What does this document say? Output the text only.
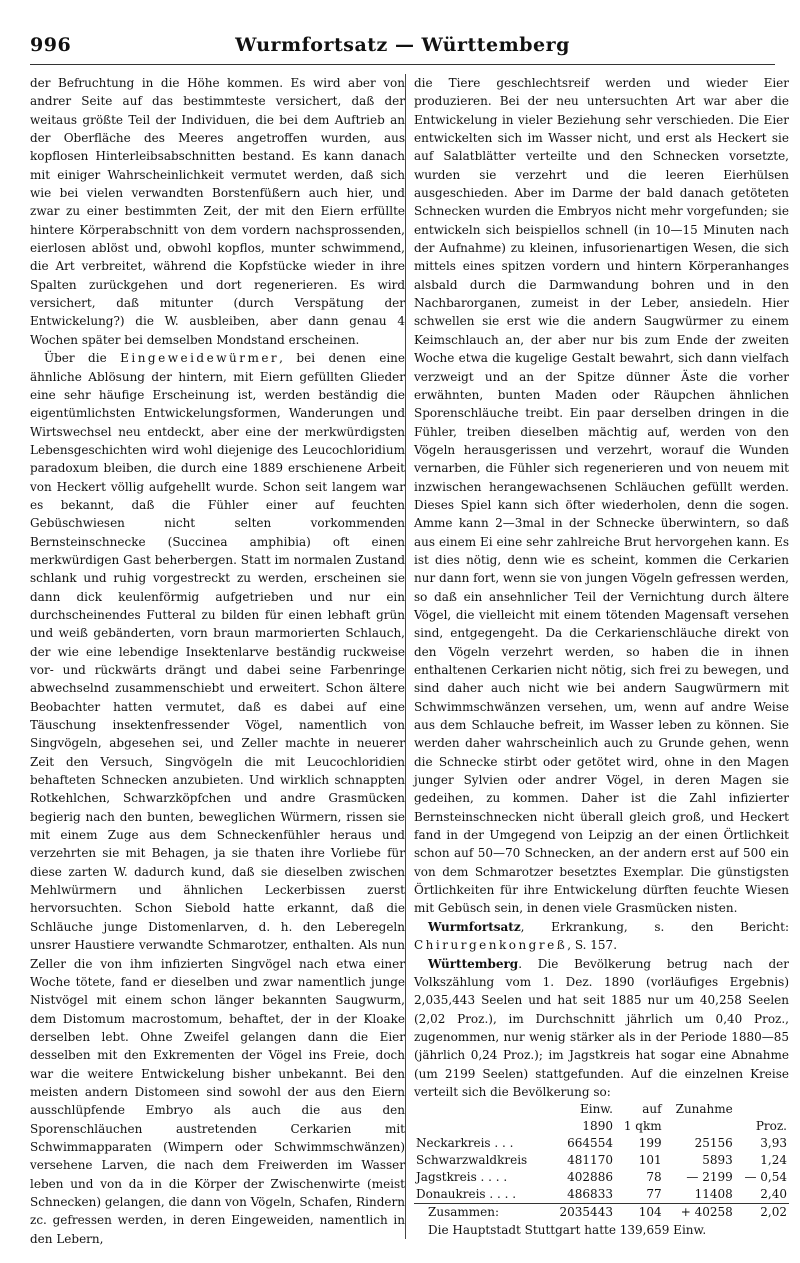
996	Wurmfortsatz — Württemberg

der Befruchtung in die Höhe kommen. Es wird aber von andrer Seite auf das bestimmteste versichert, daß der weitaus größte Teil der Individuen, die bei dem Auftrieb an der Oberfläche des Meeres angetroffen wurden, aus kopflosen Hinterleibsabschnitten bestand. Es kann danach mit einiger Wahrscheinlichkeit vermutet werden, daß sich wie bei vielen verwandten Borstenfüßern auch hier, und zwar zu einer bestimmten Zeit, der mit den Eiern erfüllte hintere Körperabschnitt von dem vordern nachsprossenden, eierlosen ablöst und, obwohl kopflos, munter schwimmend, die Art verbreitet, während die Kopfstücke wieder in ihre Spalten zurückgehen und dort regenerieren. Es wird versichert, daß mitunter (durch Verspätung der Entwickelung?) die W. ausbleiben, aber dann genau 4 Wochen später bei demselben Mondstand erscheinen.

Über die Eingeweidewürmer, bei denen eine ähnliche Ablösung der hintern, mit Eiern gefüllten Glieder eine sehr häufige Erscheinung ist, werden beständig die eigentümlichsten Entwickelungsformen, Wanderungen und Wirtswechsel neu entdeckt, aber eine der merkwürdigsten Lebensgeschichten wird wohl diejenige des Leucochloridium paradoxum bleiben, die durch eine 1889 erschienene Arbeit von Heckert völlig aufgehellt wurde. Schon seit langem war es bekannt, daß die Fühler einer auf feuchten Gebüschwiesen nicht selten vorkommenden Bernsteinschnecke (Succinea amphibia) oft einen merkwürdigen Gast beherbergen. Statt im normalen Zustand schlank und ruhig vorgestreckt zu werden, erscheinen sie dann dick keulenförmig aufgetrieben und nur ein durchscheinendes Futteral zu bilden für einen lebhaft grün und weiß gebänderten, vorn braun marmorierten Schlauch, der wie eine lebendige Insektenlarve beständig ruckweise vor- und rückwärts drängt und dabei seine Farbenringe abwechselnd zusammenschiebt und erweitert. Schon ältere Beobachter hatten vermutet, daß es dabei auf eine Täuschung insektenfressender Vögel, namentlich von Singvögeln, abgesehen sei, und Zeller machte in neuerer Zeit den Versuch, Singvögeln die mit Leucochloridien behafteten Schnecken anzubieten. Und wirklich schnappten Rotkehlchen, Schwarzköpfchen und andre Grasmücken begierig nach den bunten, beweglichen Würmern, rissen sie mit einem Zuge aus dem Schneckenfühler heraus und verzehrten sie mit Behagen, ja sie thaten ihre Vorliebe für diese zarten W. dadurch kund, daß sie dieselben zwischen Mehlwürmern und ähnlichen Leckerbissen zuerst hervorsuchten. Schon Siebold hatte erkannt, daß die Schläuche junge Distomenlarven, d. h. den Leberegeln unsrer Haustiere verwandte Schmarotzer, enthalten. Als nun Zeller die von ihm infizierten Singvögel nach etwa einer Woche tötete, fand er dieselben und zwar namentlich junge Nistvögel mit einem schon länger bekannten Saugwurm, dem Distomum macrostomum, behaftet, der in der Kloake derselben lebt. Ohne Zweifel gelangen dann die Eier desselben mit den Exkrementen der Vögel ins Freie, doch war die weitere Entwickelung bisher unbekannt. Bei den meisten andern Distomeen sind sowohl der aus den Eiern ausschlüpfende Embryo als auch die aus den Sporenschläuchen austretenden Cerkarien mit Schwimmapparaten (Wimpern oder Schwimmschwänzen) versehene Larven, die nach dem Freiwerden im Wasser leben und von da in die Körper der Zwischenwirte (meist Schnecken) gelangen, die dann von Vögeln, Schafen, Rindern zc. gefressen werden, in deren Eingeweiden, namentlich in den Lebern,

die Tiere geschlechtsreif werden und wieder Eier produzieren. Bei der neu untersuchten Art war aber die Entwickelung in vieler Beziehung sehr verschieden. Die Eier entwickelten sich im Wasser nicht, und erst als Heckert sie auf Salatblätter verteilte und den Schnecken vorsetzte, wurden sie verzehrt und die leeren Eierhülsen ausgeschieden. Aber im Darme der bald danach getöteten Schnecken wurden die Embryos nicht mehr vorgefunden; sie entwickeln sich beispiellos schnell (in 10—15 Minuten nach der Aufnahme) zu kleinen, infusorienartigen Wesen, die sich mittels eines spitzen vordern und hintern Körperanhanges alsbald durch die Darmwandung bohren und in den Nachbarorganen, zumeist in der Leber, ansiedeln. Hier schwellen sie erst wie die andern Saugwürmer zu einem Keimschlauch an, der aber nur bis zum Ende der zweiten Woche etwa die kugelige Gestalt bewahrt, sich dann vielfach verzweigt und an der Spitze dünner Äste die vorher erwähnten, bunten Maden oder Räupchen ähnlichen Sporenschläuche treibt. Ein paar derselben dringen in die Fühler, treiben dieselben mächtig auf, werden von den Vögeln herausgerissen und verzehrt, worauf die Wunden vernarben, die Fühler sich regenerieren und von neuem mit inzwischen herangewachsenen Schläuchen gefüllt werden. Dieses Spiel kann sich öfter wiederholen, denn die sogen. Amme kann 2—3mal in der Schnecke überwintern, so daß aus einem Ei eine sehr zahlreiche Brut hervorgehen kann. Es ist dies nötig, denn wie es scheint, kommen die Cerkarien nur dann fort, wenn sie von jungen Vögeln gefressen werden, so daß ein ansehnlicher Teil der Vernichtung durch ältere Vögel, die vielleicht mit einem tötenden Magensaft versehen sind, entgegengeht. Da die Cerkarienschläuche direkt von den Vögeln verzehrt werden, so haben die in ihnen enthaltenen Cerkarien nicht nötig, sich frei zu bewegen, und sind daher auch nicht wie bei andern Saugwürmern mit Schwimmschwänzen versehen, um, wenn auf andre Weise aus dem Schlauche befreit, im Wasser leben zu können. Sie werden daher wahrscheinlich auch zu Grunde gehen, wenn die Schnecke stirbt oder getötet wird, ohne in den Magen junger Sylvien oder andrer Vögel, in deren Magen sie gedeihen, zu kommen. Daher ist die Zahl infizierter Bernsteinschnecken nicht überall gleich groß, und Heckert fand in der Umgegend von Leipzig an der einen Örtlichkeit schon auf 50—70 Schnecken, an der andern erst auf 500 ein von dem Schmarotzer besetztes Exemplar. Die günstigsten Örtlichkeiten für ihre Entwickelung dürften feuchte Wiesen mit Gebüsch sein, in denen viele Grasmücken nisten.

Wurmfortsatz, Erkrankung, s. den Bericht: Chirurgenkongreß, S. 157.

Württemberg. Die Bevölkerung betrug nach der Volkszählung vom 1. Dez. 1890 (vorläufiges Ergebnis) 2,035,443 Seelen und hat seit 1885 nur um 40,258 Seelen (2,02 Proz.), im Durchschnitt jährlich um 0,40 Proz., zugenommen, nur wenig stärker als in der Periode 1880—85 (jährlich 0,24 Proz.); im Jagstkreis hat sogar eine Abnahme (um 2199 Seelen) stattgefunden. Auf die einzelnen Kreise verteilt sich die Bevölkerung so:

	Einw.	auf	Zunahme	
	1890	1 qkm		Proz.
Neckarkreis . . .	664554	199	25156	3,93
Schwarzwaldkreis	481170	101	5893	1,24
Jagstkreis . . . .	402886	78	— 2199	— 0,54
Donaukreis . . . .	486833	77	11408	2,40
Zusammen:	2035443	104	+ 40258	2,02

Die Hauptstadt Stuttgart hatte 139,659 Einw.
